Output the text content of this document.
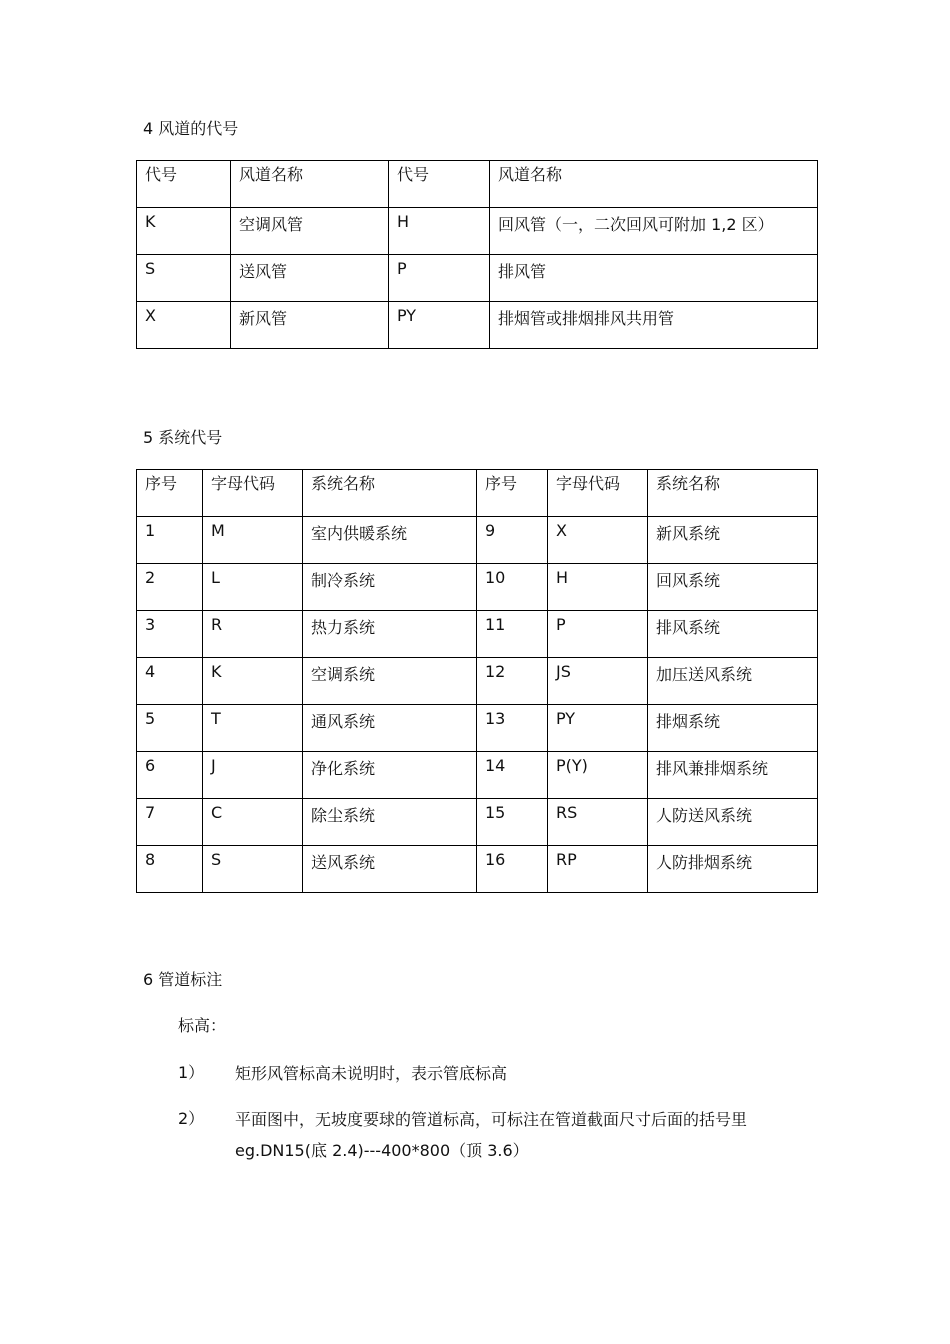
4 风道的代号
代号	风道名称	代号	风道名称
K	空调风管	H	回风管（一，二次回风可附加 1,2 区）
S	送风管	P	排风管
X	新风管	PY	排烟管或排烟排风共用管
5 系统代号
序号	字母代码	系统名称	序号	字母代码	系统名称
1	M	室内供暖系统	9	X	新风系统
2	L	制冷系统	10	H	回风系统
3	R	热力系统	11	P	排风系统
4	K	空调系统	12	JS	加压送风系统
5	T	通风系统	13	PY	排烟系统
6	J	净化系统	14	P(Y)	排风兼排烟系统
7	C	除尘系统	15	RS	人防送风系统
8	S	送风系统	16	RP	人防排烟系统
6 管道标注
标高：
1） 矩形风管标高未说明时，表示管底标高
2） 平面图中，无坡度要球的管道标高，可标注在管道截面尺寸后面的括号里
eg.DN15(底 2.4)---400*800（顶 3.6）
